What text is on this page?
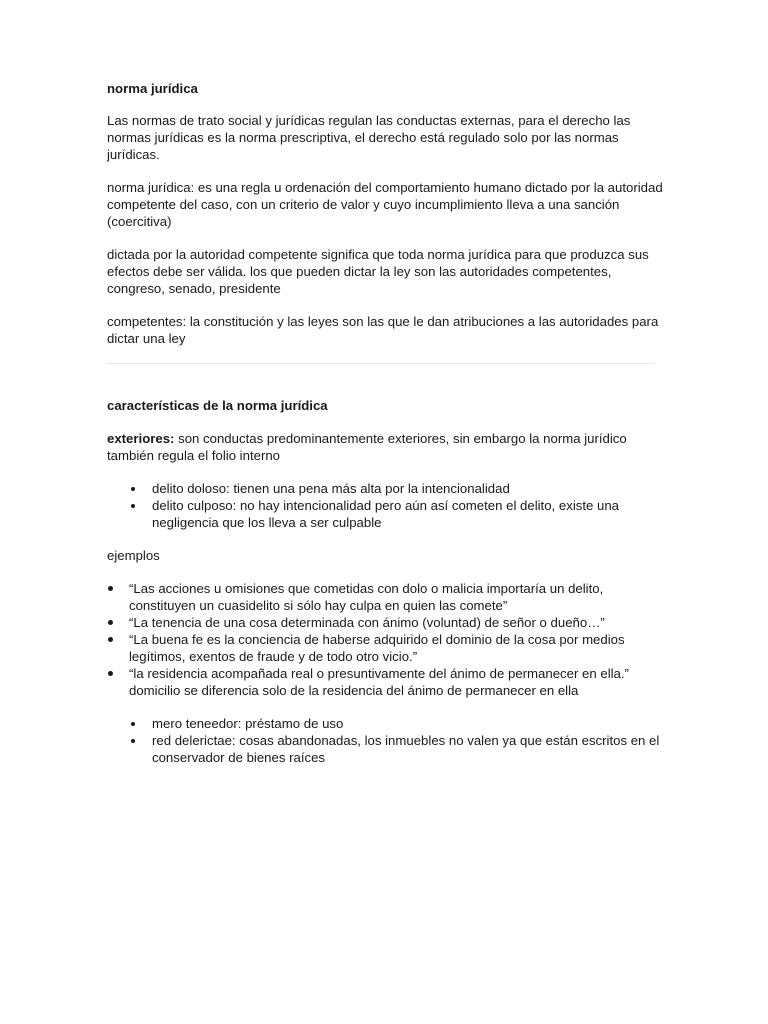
norma jurídica

Las normas de trato social y jurídicas regulan las conductas externas, para el derecho las normas jurídicas es la norma prescriptiva, el derecho está regulado solo por las normas jurídicas.

norma jurídica: es una regla u ordenación del comportamiento humano dictado por la autoridad competente del caso, con un criterio de valor y cuyo incumplimiento lleva a una sanción (coercitiva)

dictada por la autoridad competente significa que toda norma jurídica para que produzca sus efectos debe ser válida. los que pueden dictar la ley son las autoridades competentes, congreso, senado, presidente

competentes: la constitución y las leyes son las que le dan atribuciones a las autoridades para dictar una ley

características de la norma jurídica

exteriores: son conductas predominantemente exteriores, sin embargo la norma jurídico también regula el folio interno

delito doloso: tienen una pena más alta por la intencionalidad
delito culposo: no hay intencionalidad pero aún así cometen el delito, existe una negligencia que los lleva a ser culpable

ejemplos

“Las acciones u omisiones que cometidas con dolo o malicia importaría un delito, constituyen un cuasidelito si sólo hay culpa en quien las comete”
“La tenencia de una cosa determinada con ánimo (voluntad) de señor o dueño…”
“La buena fe es la conciencia de haberse adquirido el dominio de la cosa por medios legítimos, exentos de fraude y de todo otro vicio.”
“la residencia acompañada real o presuntivamente del ánimo de permanecer en ella.” domicilio se diferencia solo de la residencia del ánimo de permanecer en ella
mero teneedor: préstamo de uso
red delerictae: cosas abandonadas, los inmuebles no valen ya que están escritos en el conservador de bienes raíces
